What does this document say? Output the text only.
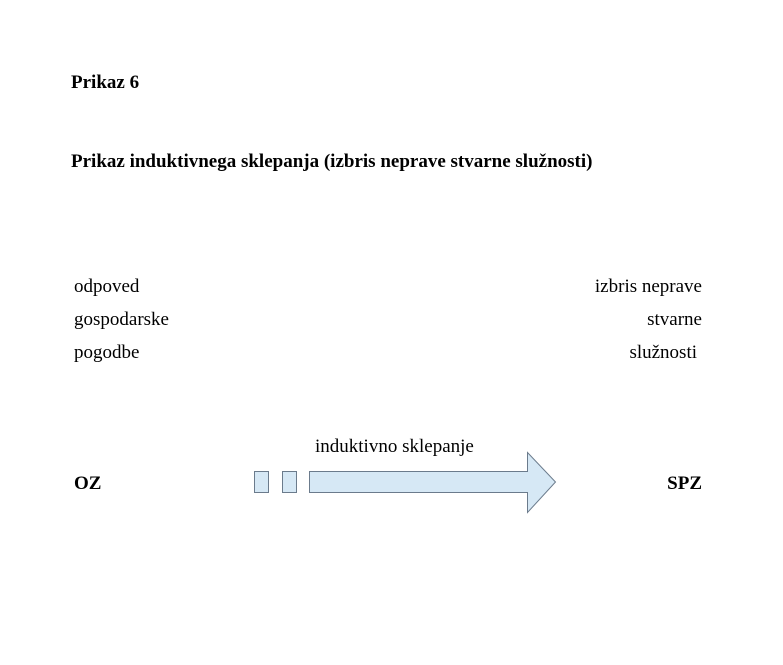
Prikaz 6
Prikaz induktivnega sklepanja (izbris neprave stvarne služnosti)
odpoved
gospodarske
pogodbe
OZ
izbris neprave
stvarne
služnosti
SPZ
induktivno sklepanje
